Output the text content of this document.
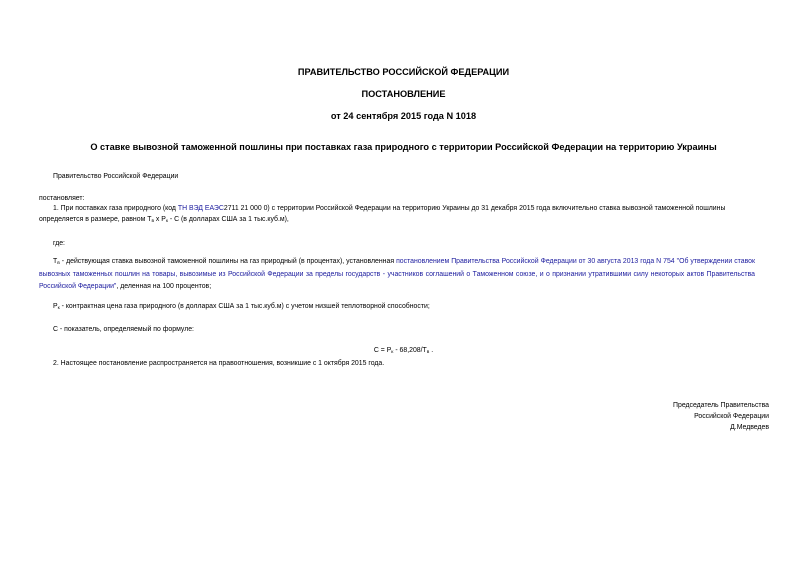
ПРАВИТЕЛЬСТВО РОССИЙСКОЙ ФЕДЕРАЦИИ
ПОСТАНОВЛЕНИЕ
от 24 сентября 2015 года N 1018
О ставке вывозной таможенной пошлины при поставках газа природного с территории Российской Федерации на территорию Украины
Правительство Российской Федерации
постановляет:
1. При поставках газа природного (код ТН ВЭД ЕАЭС2711 21 000 0) с территории Российской Федерации на территорию Украины до 31 декабря 2015 года включительно ставка вывозной таможенной пошлины
определяется в размере, равном $Т_в$ х $Р_к$ - С (в долларах США за 1 тыс.куб.м),
где:
$Т_в$ - действующая ставка вывозной таможенной пошлины на газ природный (в процентах), установленная постановлением Правительства Российской Федерации от 30 августа 2013 года N 754 "Об утверждении ставок вывозных таможенных пошлин на товары, вывозимые из Российской Федерации за пределы государств - участников соглашений о Таможенном союзе, и о признании утратившими силу некоторых актов Правительства Российской Федерации", деленная на 100 процентов;
$Р_к$ - контрактная цена газа природного (в долларах США за 1 тыс.куб.м) с учетом низшей теплотворной способности;
С - показатель, определяемый по формуле:
$С = Р_к - 68,208/Т_в$ .
2. Настоящее постановление распространяется на правоотношения, возникшие с 1 октября 2015 года.
Председатель Правительства
Российской Федерации
Д.Медведев
